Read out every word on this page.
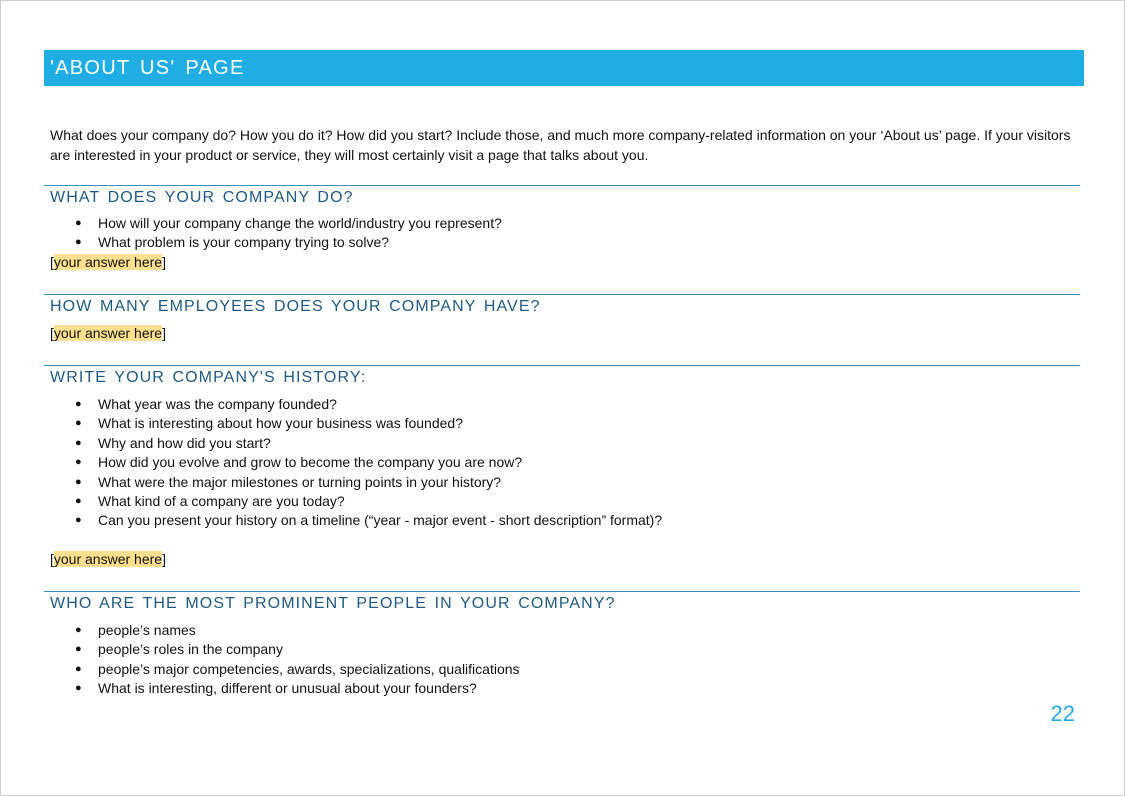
'ABOUT US' PAGE

What does your company do? How you do it? How did you start? Include those, and much more company-related information on your ‘About us’ page. If your visitors are interested in your product or service, they will most certainly visit a page that talks about you.

WHAT DOES YOUR COMPANY DO?
● How will your company change the world/industry you represent?
● What problem is your company trying to solve?
[your answer here]
HOW MANY EMPLOYEES DOES YOUR COMPANY HAVE?
[your answer here]
WRITE YOUR COMPANY'S HISTORY:
● What year was the company founded?
● What is interesting about how your business was founded?
● Why and how did you start?
● How did you evolve and grow to become the company you are now?
● What were the major milestones or turning points in your history?
● What kind of a company are you today?
● Can you present your history on a timeline (“year - major event - short description” format)?
[your answer here]
WHO ARE THE MOST PROMINENT PEOPLE IN YOUR COMPANY?
● people’s names
● people’s roles in the company
● people’s major competencies, awards, specializations, qualifications
● What is interesting, different or unusual about your founders?
22
